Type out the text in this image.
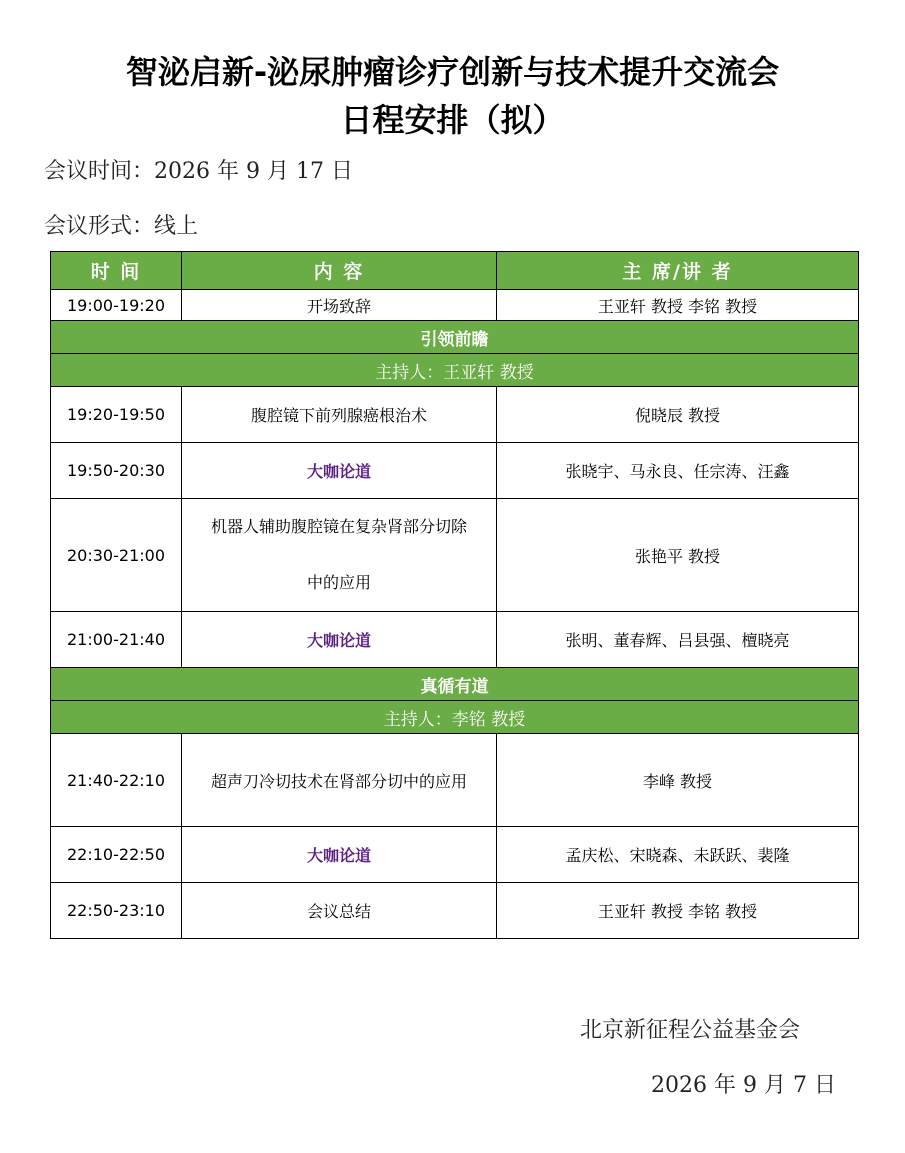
智泌启新-泌尿肿瘤诊疗创新与技术提升交流会
日程安排（拟）
会议时间：2026 年 9 月 17 日
会议形式：线上
时 间	内 容	主 席/讲 者
19:00-19:20	开场致辞	王亚轩 教授 李铭 教授
引领前瞻		
主持人：王亚轩 教授		
19:20-19:50	腹腔镜下前列腺癌根治术	倪晓辰 教授
19:50-20:30	大咖论道	张晓宇、马永良、任宗涛、汪鑫
20:30-21:00	机器人辅助腹腔镜在复杂肾部分切除
中的应用	张艳平 教授
21:00-21:40	大咖论道	张明、董春辉、吕县强、檀晓亮
真循有道		
主持人：李铭 教授		
21:40-22:10	超声刀冷切技术在肾部分切中的应用	李峰 教授
22:10-22:50	大咖论道	孟庆松、宋晓森、未跃跃、裴隆
22:50-23:10	会议总结	王亚轩 教授 李铭 教授
北京新征程公益基金会
2026 年 9 月 7 日
